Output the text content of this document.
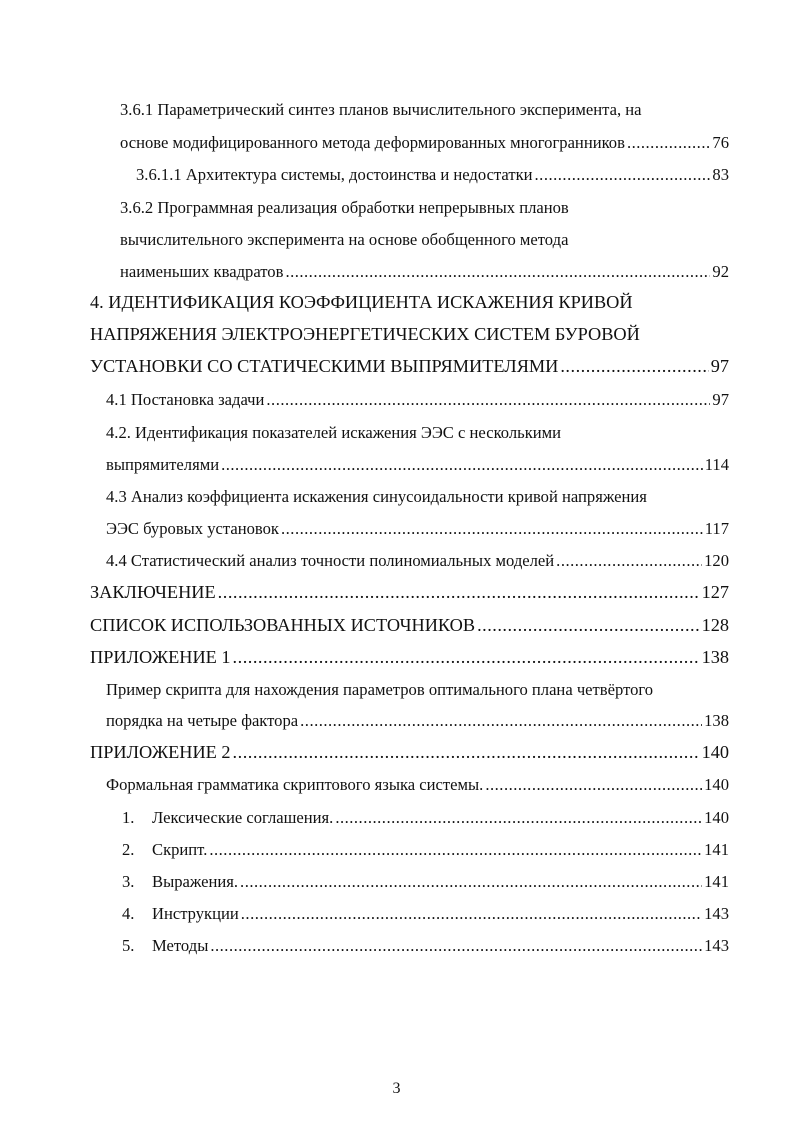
3.6.1 Параметрический синтез планов вычислительного эксперимента, на
основе модифицированного метода деформированных многогранников .....	76
3.6.1.1 Архитектура системы, достоинства и недостатки .....	83
3.6.2 Программная реализация обработки непрерывных планов
вычислительного эксперимента на основе обобщенного метода
наименьших квадратов .....	92
4. ИДЕНТИФИКАЦИЯ КОЭФФИЦИЕНТА ИСКАЖЕНИЯ КРИВОЙ
НАПРЯЖЕНИЯ ЭЛЕКТРОЭНЕРГЕТИЧЕСКИХ СИСТЕМ БУРОВОЙ
УСТАНОВКИ СО СТАТИЧЕСКИМИ ВЫПРЯМИТЕЛЯМИ .....	97
4.1 Постановка задачи .....	97
4.2. Идентификация показателей искажения ЭЭС с несколькими
выпрямителями .....	114
4.3 Анализ коэффициента искажения синусоидальности кривой напряжения
ЭЭС буровых установок .....	117
4.4 Статистический анализ точности полиномиальных моделей .....	120
ЗАКЛЮЧЕНИЕ .....	127
СПИСОК ИСПОЛЬЗОВАННЫХ ИСТОЧНИКОВ .....	128
ПРИЛОЖЕНИЕ 1 .....	138
Пример скрипта для нахождения параметров оптимального плана четвёртого
порядка на четыре фактора .....	138
ПРИЛОЖЕНИЕ 2 .....	140
Формальная грамматика скриптового языка системы. .....	140
1. Лексические соглашения. .....	140
2. Скрипт. .....	141
3. Выражения. .....	141
4. Инструкции .....	143
5. Методы .....	143
3
